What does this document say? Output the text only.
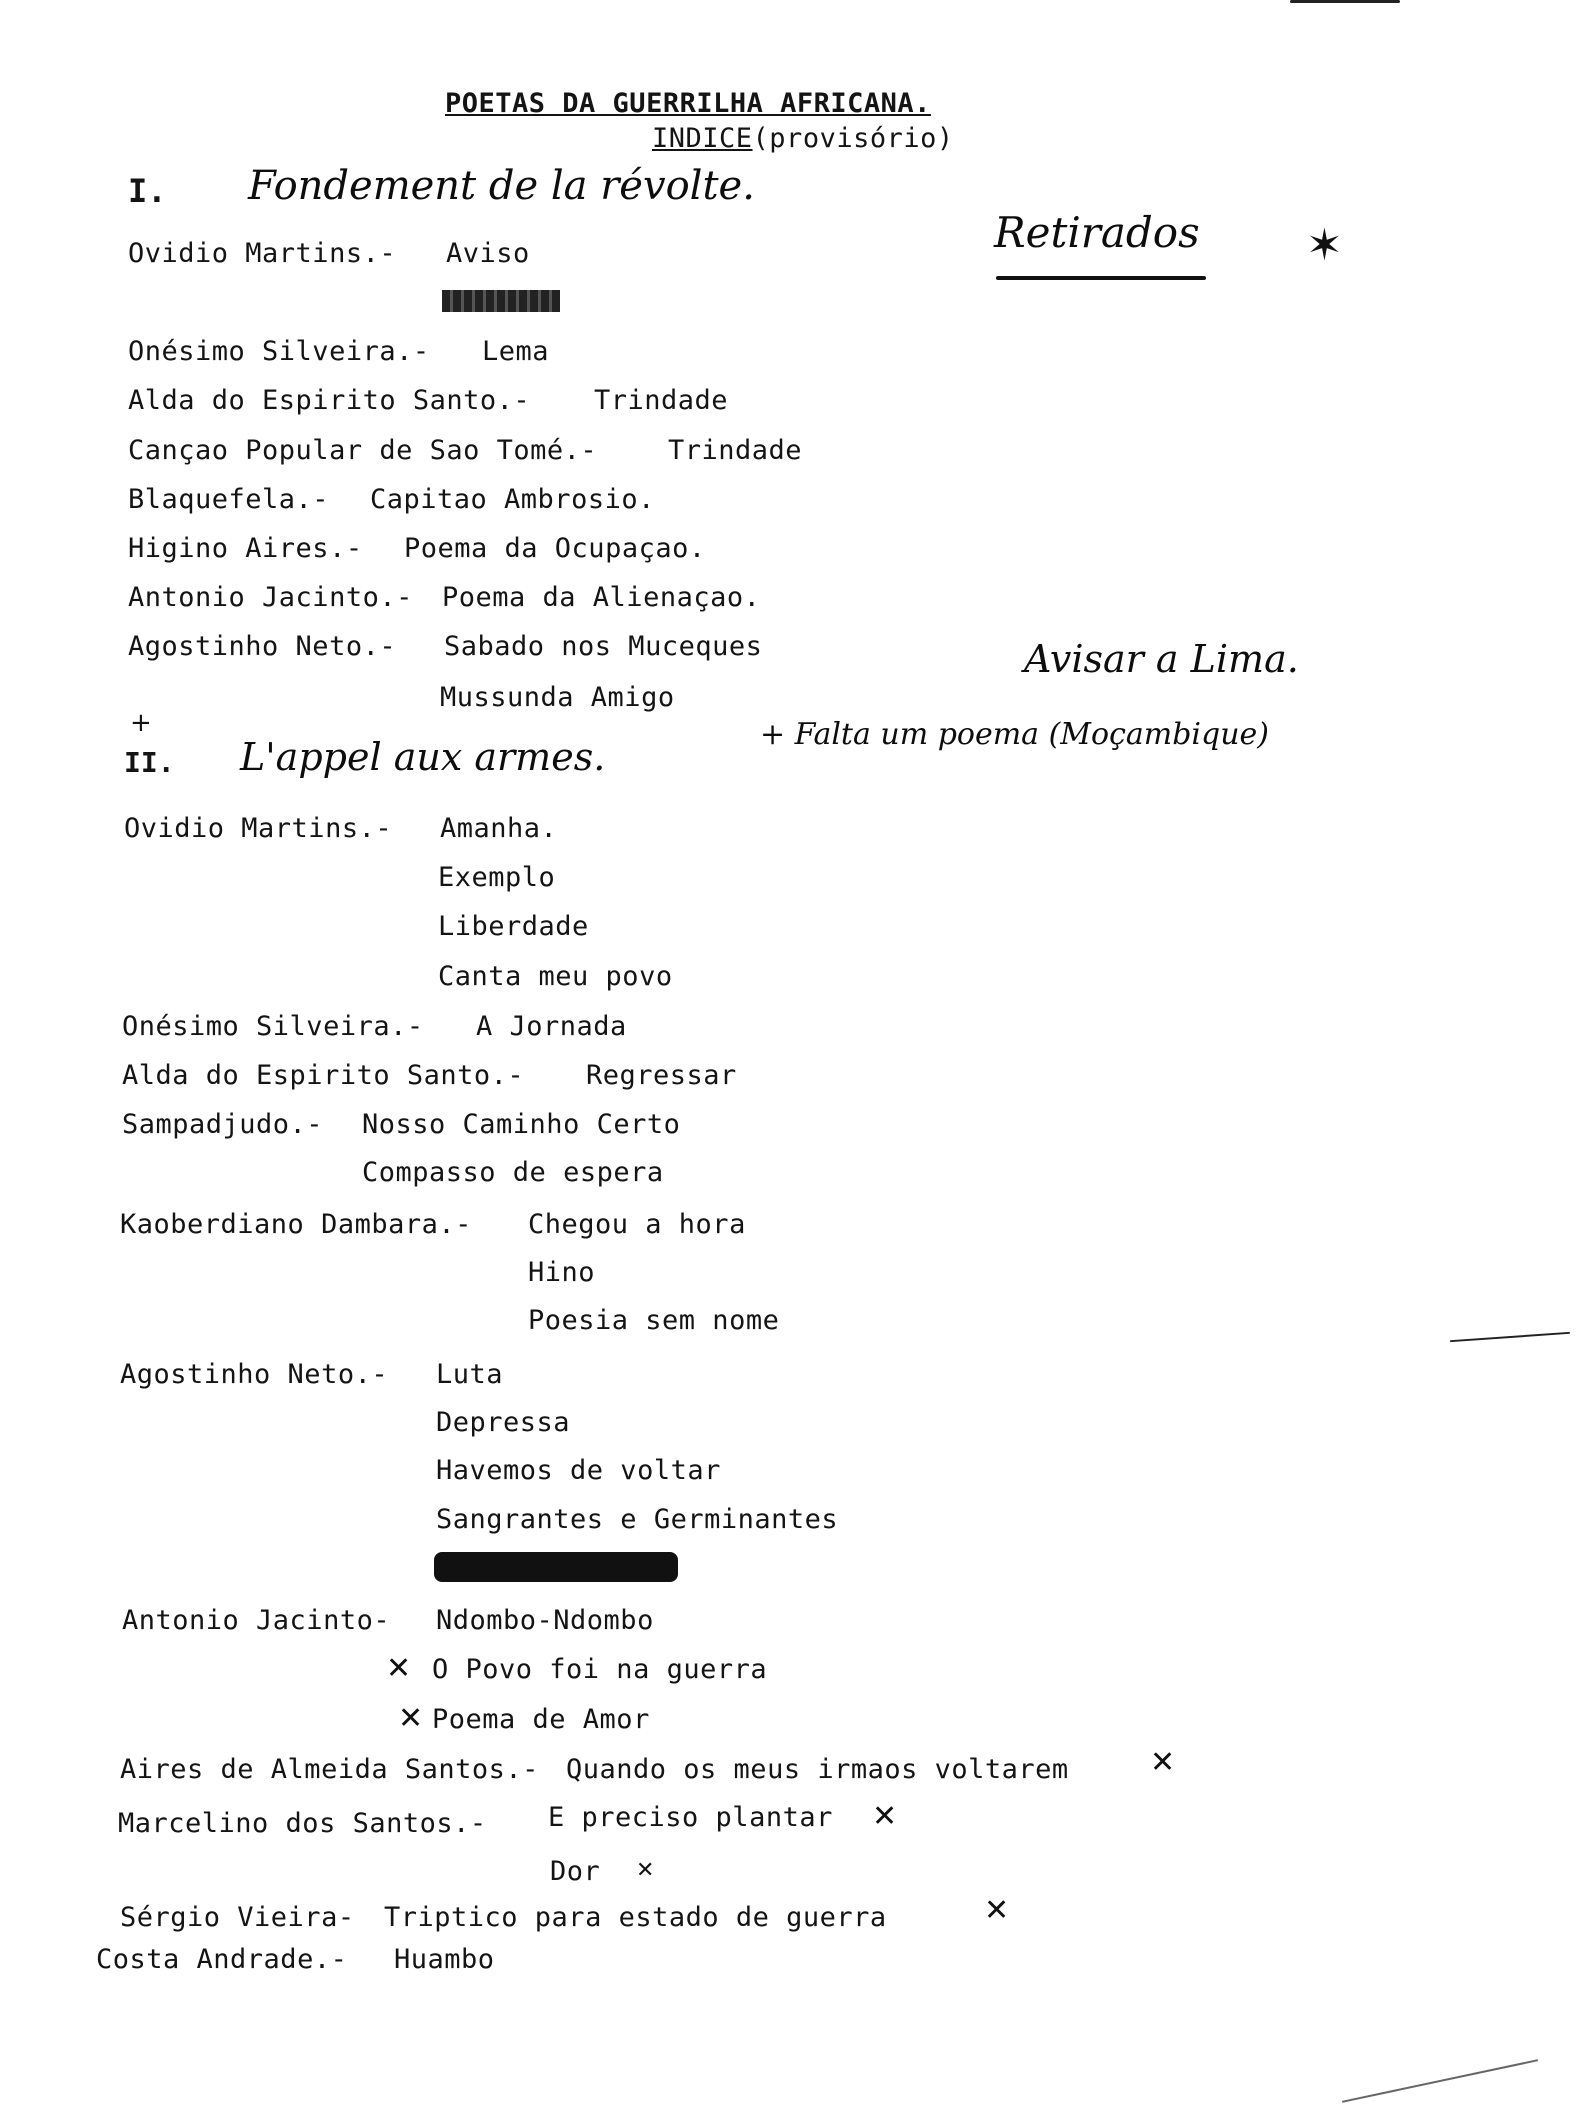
POETAS DA GUERRILHA AFRICANA.
INDICE(provisório)
I. Fondement de la révolte.
Retirados ✶
Avisar a Lima.
+ Falta um poema (Moçambique)
Ovidio Martins.- Aviso
Onésimo Silveira.- Lema
Alda do Espirito Santo.- Trindade
Cançao Popular de Sao Tomé.-	Trindade
Blaquefela.- Capitao Ambrosio.
Higino Aires.- Poema da Ocupaçao.
Antonio Jacinto.- Poema da Alienaçao.
Agostinho Neto.- Sabado nos Muceques
Mussunda Amigo
+
II. L'appel aux armes.
Ovidio Martins.- Amanha.
Exemplo
Liberdade
Canta meu povo
Onésimo Silveira.- A Jornada
Alda do Espirito Santo.- Regressar
Sampadjudo.- Nosso Caminho Certo
Compasso de espera
Kaoberdiano Dambara.- Chegou a hora
Hino
Poesia sem nome
Agostinho Neto.- Luta
Depressa
Havemos de voltar
Sangrantes e Germinantes
Antonio Jacinto- Ndombo-Ndombo
✕ O Povo foi na guerra
✕ Poema de Amor
Aires de Almeida Santos.- Quando os meus irmaos voltarem	✕
Marcelino dos Santos.- E preciso plantar ✕
Dor ✕
Sérgio Vieira- Triptico para estado de guerra	✕
Costa Andrade.- Huambo
